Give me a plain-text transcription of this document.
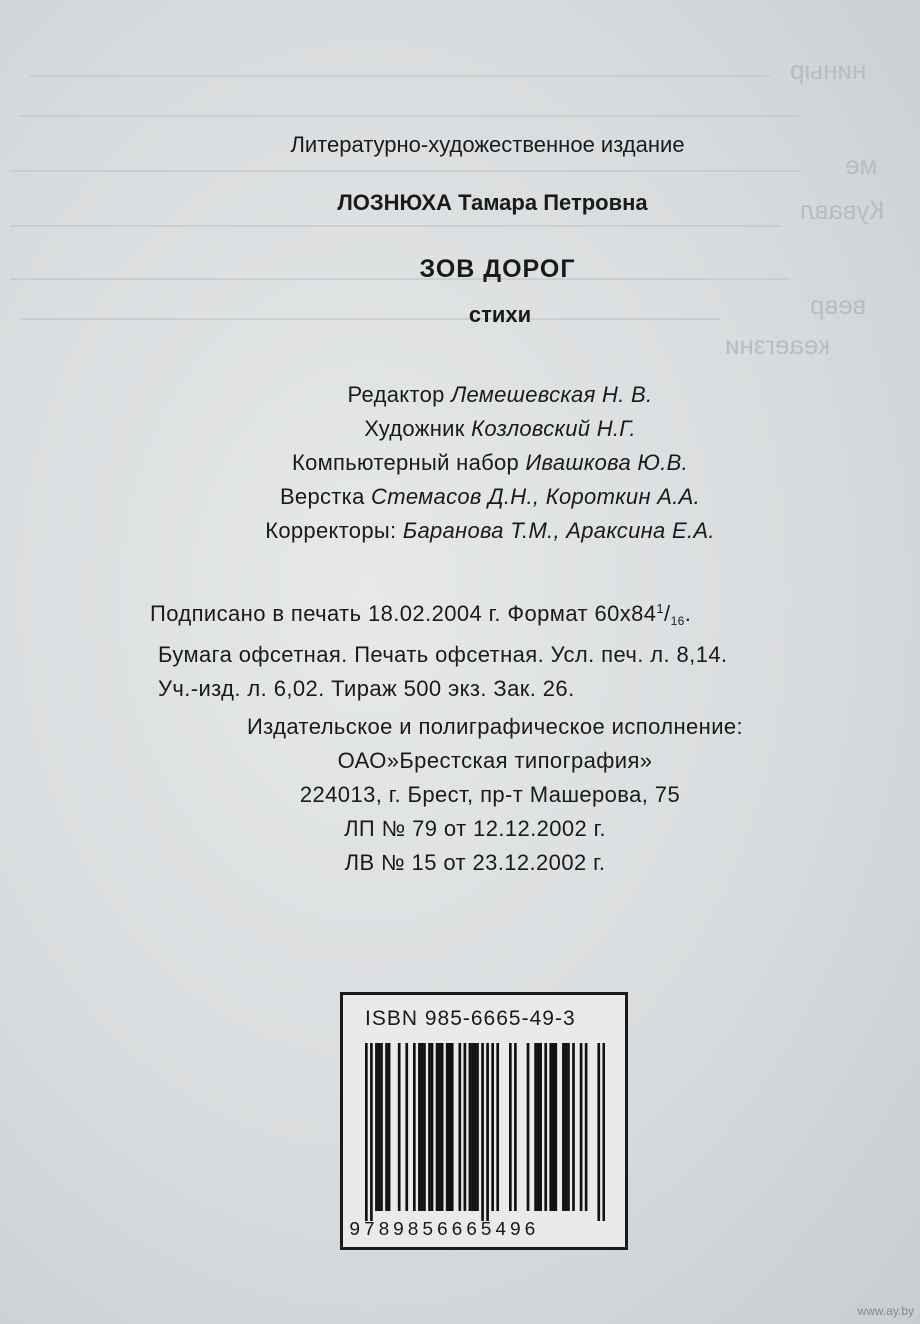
ниныр
ме
Кувавл
вевр
кеаегзни
Литературно-художественное издание
ЛОЗНЮХА Тамара Петровна
ЗОВ ДОРОГ
стихи
Редактор Лемешевская Н. В.
Художник Козловский Н.Г.
Компьютерный набор Ивашкова Ю.В.
Верстка Стемасов Д.Н., Короткин А.А.
Корректоры: Баранова Т.М., Араксина Е.А.
Подписано в печать 18.02.2004 г. Формат $60х84^1/_{16}$.
Бумага офсетная. Печать офсетная. Усл. печ. л. 8,14.
Уч.-изд. л. 6,02. Тираж 500 экз. Зак. 26.
Издательское и полиграфическое исполнение:
ОАО»Брестская типография»
224013, г. Брест, пр-т Машерова, 75
ЛП № 79 от 12.12.2002 г.
ЛВ № 15 от 23.12.2002 г.
ISBN 985-6665-49-3
9789856665496
www.ay.by
